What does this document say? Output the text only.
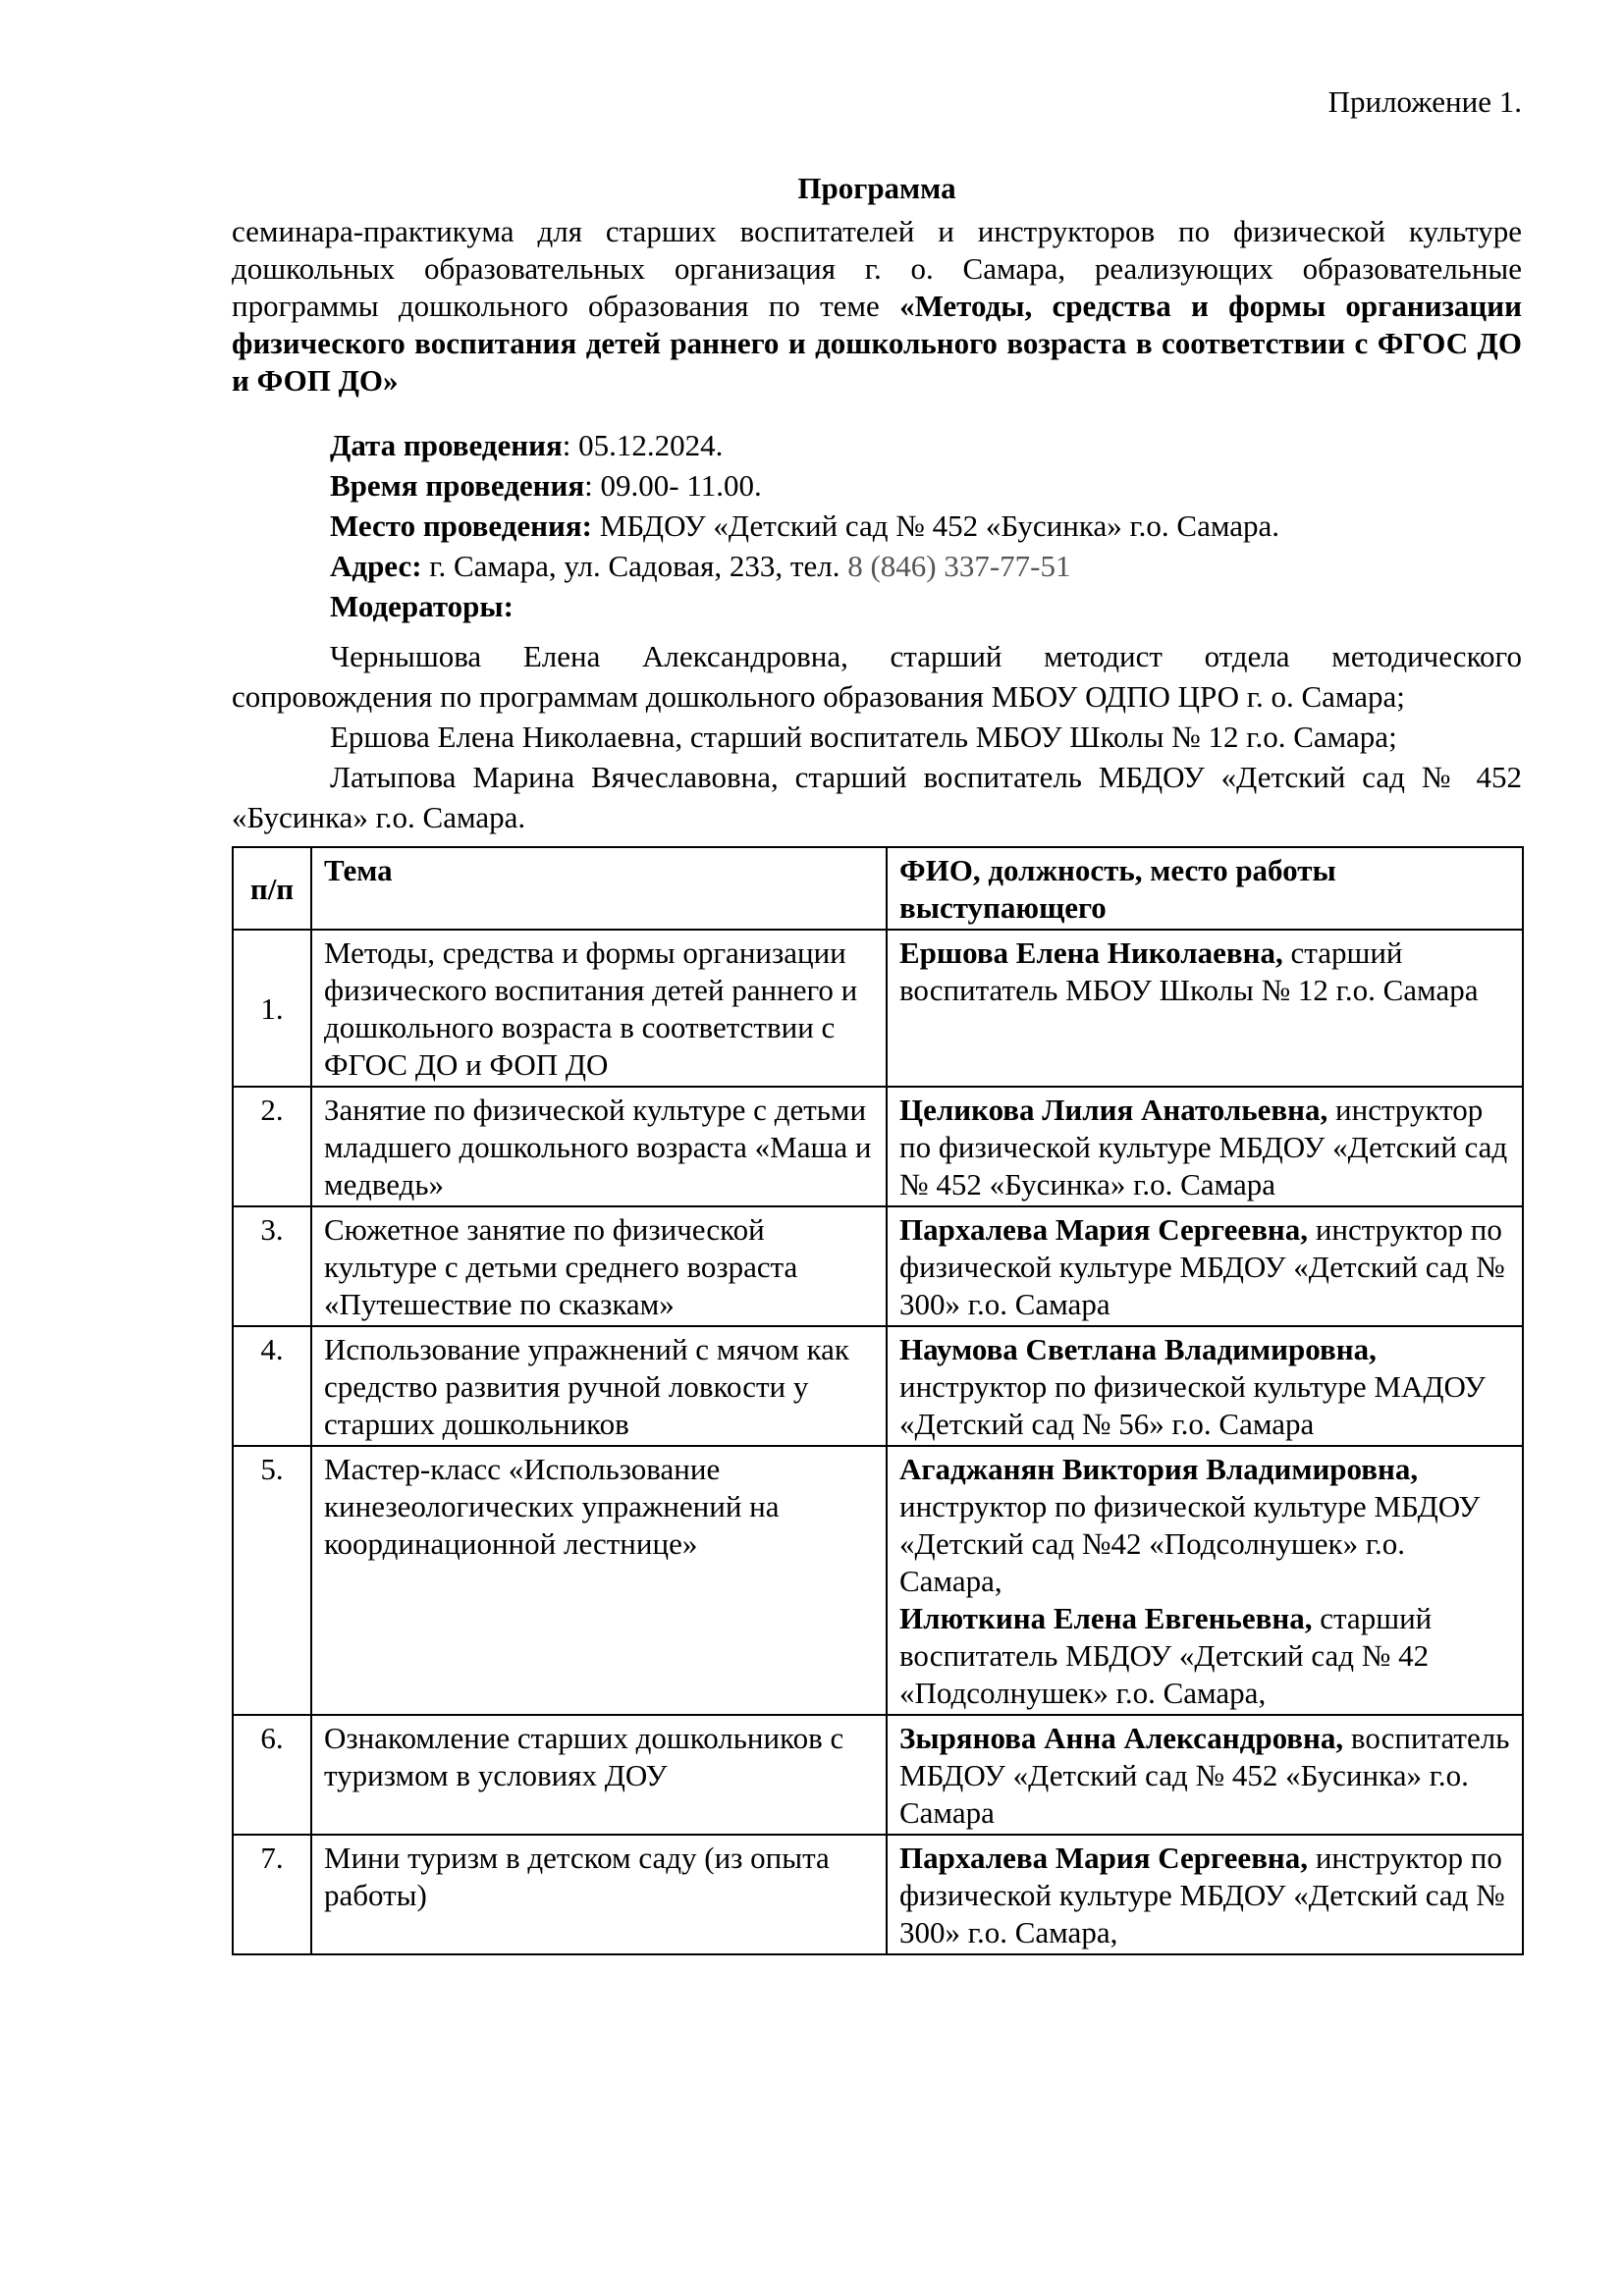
Приложение 1.
Программа
семинара-практикума для старших воспитателей и инструкторов по физической культуре дошкольных образовательных организация г. о. Самара, реализующих образовательные программы дошкольного образования по теме «Методы, средства и формы организации физического воспитания детей раннего и дошкольного возраста в соответствии с ФГОС ДО и ФОП ДО»
Дата проведения: 05.12.2024.
Время проведения: 09.00- 11.00.
Место проведения: МБДОУ «Детский сад № 452 «Бусинка» г.о. Самара.
Адрес: г. Самара, ул. Садовая, 233, тел. 8 (846) 337-77-51
Модераторы:
Чернышова Елена Александровна, старший методист отдела методического сопровождения по программам дошкольного образования МБОУ ОДПО ЦРО г. о. Самара;
Ершова Елена Николаевна, старший воспитатель МБОУ Школы № 12 г.о. Самара;
Латыпова Марина Вячеславовна, старший воспитатель МБДОУ «Детский сад № 452 «Бусинка» г.о. Самара.
п/п	Тема	ФИО, должность, место работы выступающего
1.	Методы, средства и формы организации физического воспитания детей раннего и дошкольного возраста в соответствии с ФГОС ДО и ФОП ДО	Ершова Елена Николаевна, старший воспитатель МБОУ Школы № 12 г.о. Самара
2.	Занятие по физической культуре с детьми младшего дошкольного возраста «Маша и медведь»	Целикова Лилия Анатольевна, инструктор по физической культуре МБДОУ «Детский сад № 452 «Бусинка» г.о. Самара
3.	Сюжетное занятие по физической культуре с детьми среднего возраста «Путешествие по сказкам»	Пархалева Мария Сергеевна, инструктор по физической культуре МБДОУ «Детский сад № 300» г.о. Самара
4.	Использование упражнений с мячом как средство развития ручной ловкости у старших дошкольников	Наумова Светлана Владимировна, инструктор по физической культуре МАДОУ «Детский сад № 56» г.о. Самара
5.	Мастер-класс «Использование кинезеологических упражнений на координационной лестнице»	Агаджанян Виктория Владимировна, инструктор по физической культуре МБДОУ «Детский сад №42 «Подсолнушек» г.о. Самара,
Илюткина Елена Евгеньевна, старший воспитатель МБДОУ «Детский сад № 42 «Подсолнушек» г.о. Самара,
6.	Ознакомление старших дошкольников с туризмом в условиях ДОУ	Зырянова Анна Александровна, воспитатель МБДОУ «Детский сад № 452 «Бусинка» г.о. Самара
7.	Мини туризм в детском саду (из опыта работы)	Пархалева Мария Сергеевна, инструктор по физической культуре МБДОУ «Детский сад № 300» г.о. Самара,
